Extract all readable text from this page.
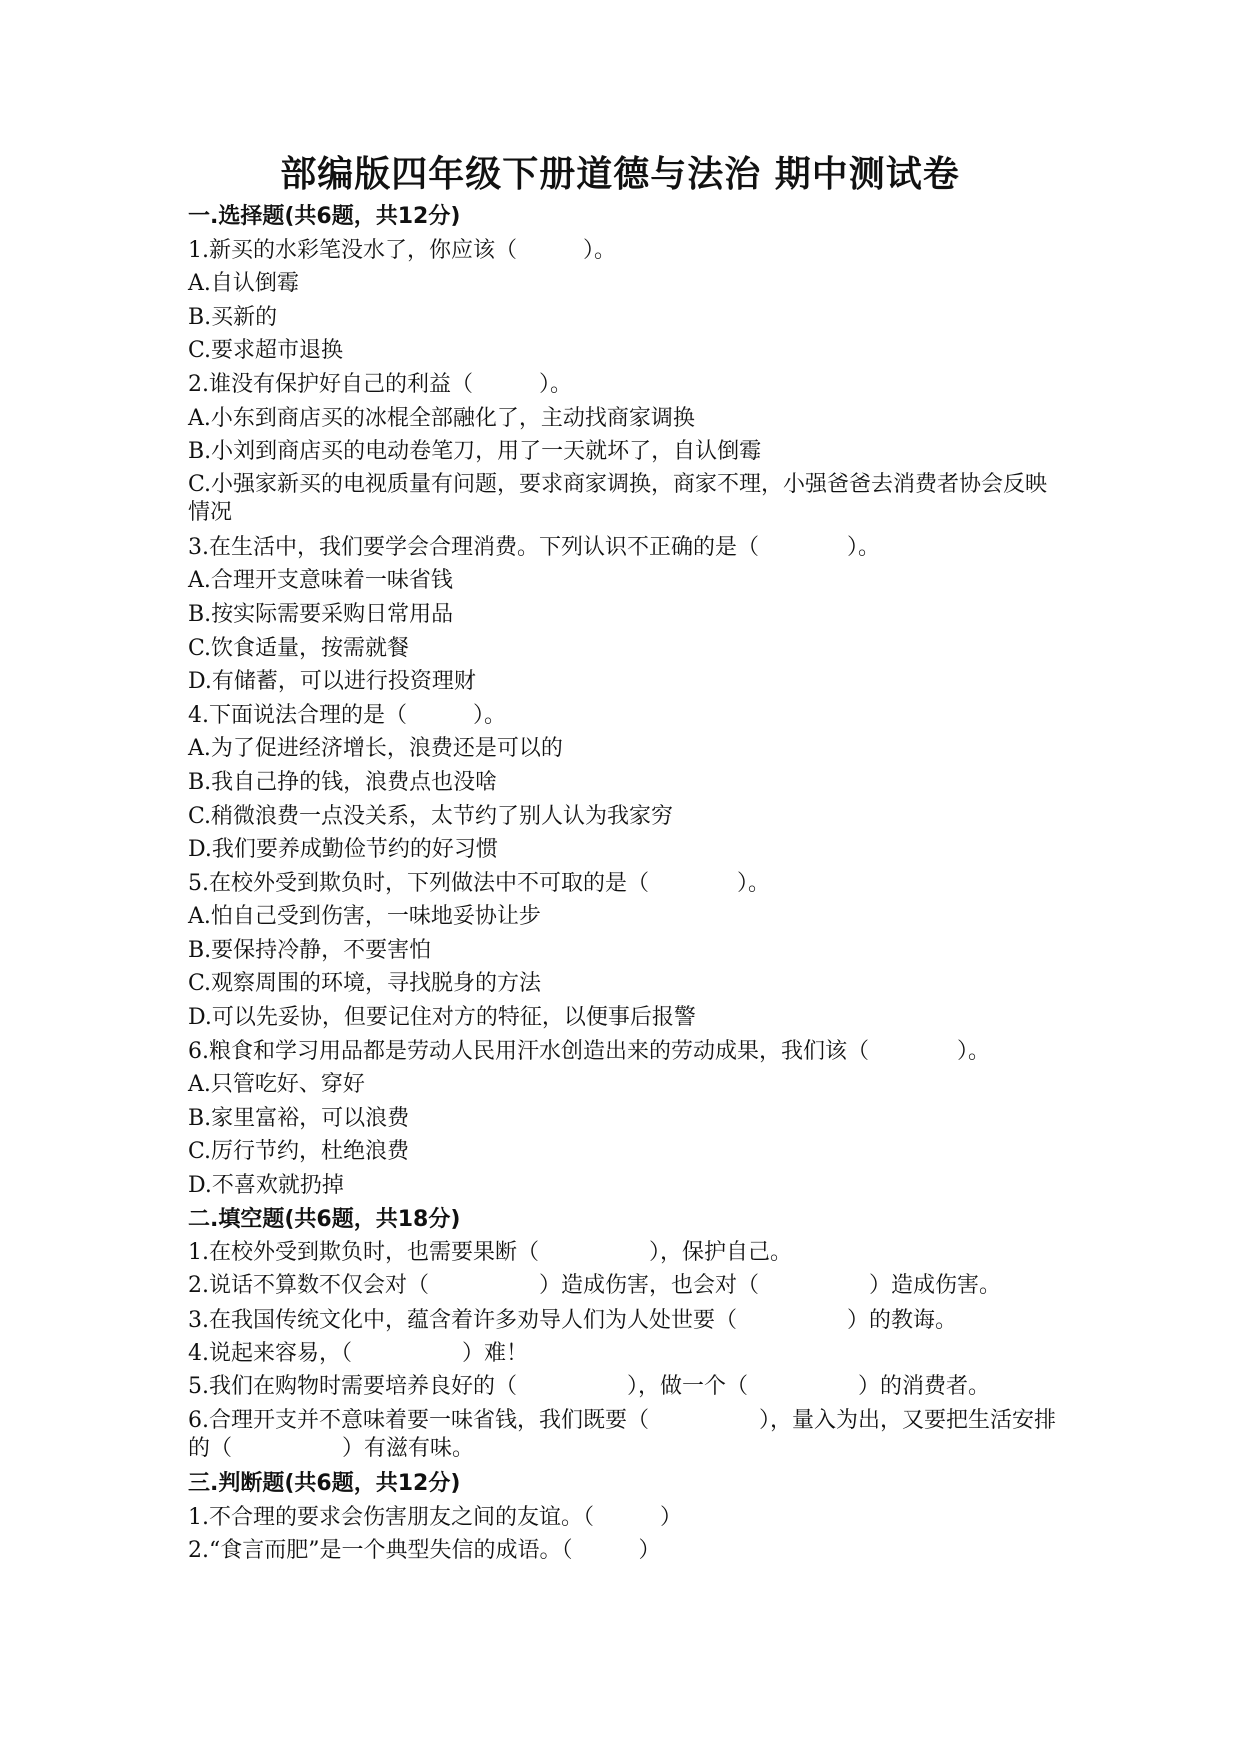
部编版四年级下册道德与法治 期中测试卷
一.选择题(共6题，共12分)
1.新买的水彩笔没水了，你应该（　　　）。
A.自认倒霉
B.买新的
C.要求超市退换
2.谁没有保护好自己的利益（　　　）。
A.小东到商店买的冰棍全部融化了，主动找商家调换
B.小刘到商店买的电动卷笔刀，用了一天就坏了，自认倒霉
C.小强家新买的电视质量有问题，要求商家调换，商家不理，小强爸爸去消费者协会反映情况
3.在生活中，我们要学会合理消费。下列认识不正确的是（　　　　）。
A.合理开支意味着一味省钱
B.按实际需要采购日常用品
C.饮食适量，按需就餐
D.有储蓄，可以进行投资理财
4.下面说法合理的是（　　　）。
A.为了促进经济增长，浪费还是可以的
B.我自己挣的钱，浪费点也没啥
C.稍微浪费一点没关系，太节约了别人认为我家穷
D.我们要养成勤俭节约的好习惯
5.在校外受到欺负时，下列做法中不可取的是（　　　　）。
A.怕自己受到伤害，一味地妥协让步
B.要保持冷静，不要害怕
C.观察周围的环境，寻找脱身的方法
D.可以先妥协，但要记住对方的特征，以便事后报警
6.粮食和学习用品都是劳动人民用汗水创造出来的劳动成果，我们该（　　　　）。
A.只管吃好、穿好
B.家里富裕，可以浪费
C.厉行节约，杜绝浪费
D.不喜欢就扔掉
二.填空题(共6题，共18分)
1.在校外受到欺负时，也需要果断（　　　　　），保护自己。
2.说话不算数不仅会对（　　　　　）造成伤害，也会对（　　　　　）造成伤害。
3.在我国传统文化中，蕴含着许多劝导人们为人处世要（　　　　　）的教诲。
4.说起来容易，（　　　　　）难！
5.我们在购物时需要培养良好的（　　　　　），做一个（　　　　　）的消费者。
6.合理开支并不意味着要一味省钱，我们既要（　　　　　），量入为出，又要把生活安排的（　　　　　）有滋有味。
三.判断题(共6题，共12分)
1.不合理的要求会伤害朋友之间的友谊。（　　　）
2.“食言而肥”是一个典型失信的成语。（　　　）
